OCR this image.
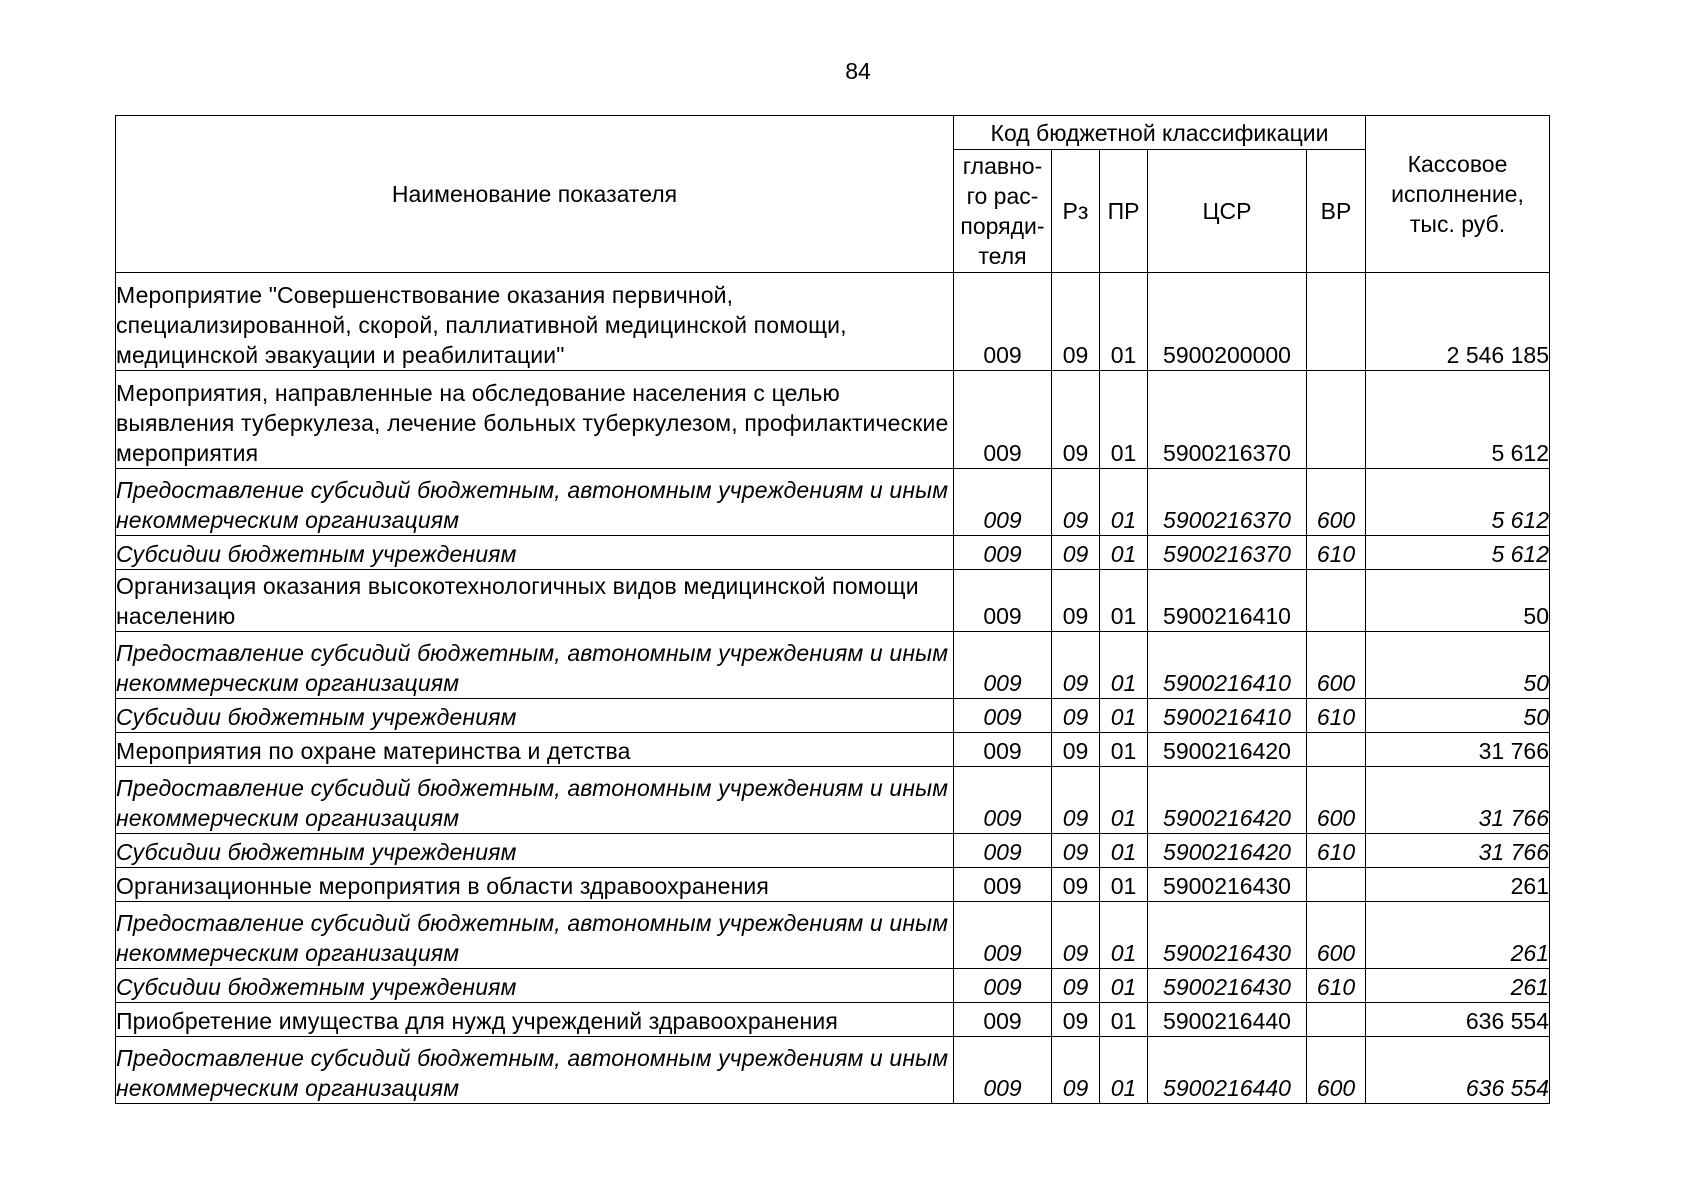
84
Наименование показателя	Код бюджетной классификации					Кассовое исполнение, тыс. руб.

	главно-го рас-поряди-теля	Рз	ПР	ЦСР	ВР	
Мероприятие "Совершенствование оказания первичной, специализированной, скорой, паллиативной медицинской помощи, медицинской эвакуации и реабилитации"	009	09	01	5900200000		2 546 185
Мероприятия, направленные на обследование населения с целью выявления туберкулеза, лечение больных туберкулезом, профилактические мероприятия	009	09	01	5900216370		5 612
Предоставление субсидий бюджетным, автономным учреждениям и иным некоммерческим организациям	009	09	01	5900216370	600	5 612
Субсидии бюджетным учреждениям	009	09	01	5900216370	610	5 612
Организация оказания высокотехнологичных видов медицинской помощи населению	009	09	01	5900216410		50
Предоставление субсидий бюджетным, автономным учреждениям и иным некоммерческим организациям	009	09	01	5900216410	600	50
Субсидии бюджетным учреждениям	009	09	01	5900216410	610	50
Мероприятия по охране материнства и детства	009	09	01	5900216420		31 766
Предоставление субсидий бюджетным, автономным учреждениям и иным некоммерческим организациям	009	09	01	5900216420	600	31 766
Субсидии бюджетным учреждениям	009	09	01	5900216420	610	31 766
Организационные мероприятия в области здравоохранения	009	09	01	5900216430		261
Предоставление субсидий бюджетным, автономным учреждениям и иным некоммерческим организациям	009	09	01	5900216430	600	261
Субсидии бюджетным учреждениям	009	09	01	5900216430	610	261
Приобретение имущества для нужд учреждений здравоохранения	009	09	01	5900216440		636 554
Предоставление субсидий бюджетным, автономным учреждениям и иным некоммерческим организациям	009	09	01	5900216440	600	636 554
